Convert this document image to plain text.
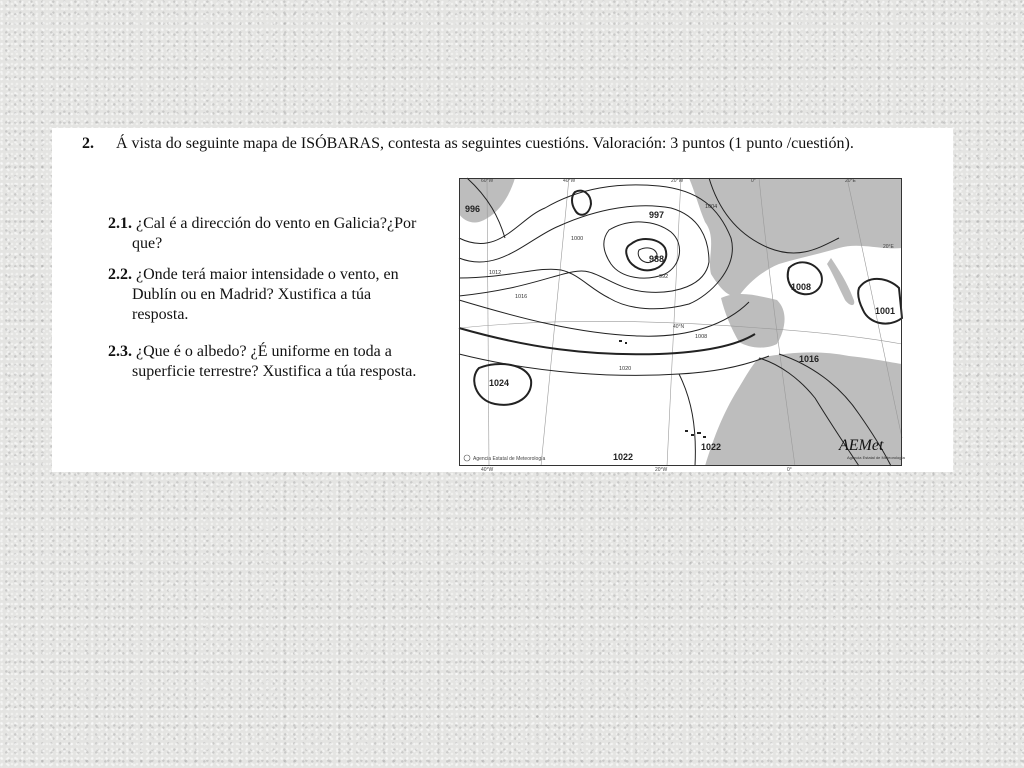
2. Á vista do seguinte mapa de ISÓBARAS, contesta as seguintes cuestións. Valoración: 3 puntos (1 punto /cuestión).
2.1. ¿Cal é a dirección do vento en Galicia?¿Por
que?
2.2. ¿Onde terá maior intensidade o vento, en
Dublín ou en Madrid? Xustifica a túa
resposta.
2.3. ¿Que é o albedo? ¿É uniforme en toda a
superficie terrestre? Xustifica a túa resposta.
996
997
988
1008
1001
1016
1024
1022
1022
1000
1004
992
1008
1012
1016
1020
60°W	40°W	20°W	0°	20°E
40°W	20°W	0°
40°N
20°E
Agencia Estatal de Meteorología
AEMet
Agencia Estatal de Meteorología
